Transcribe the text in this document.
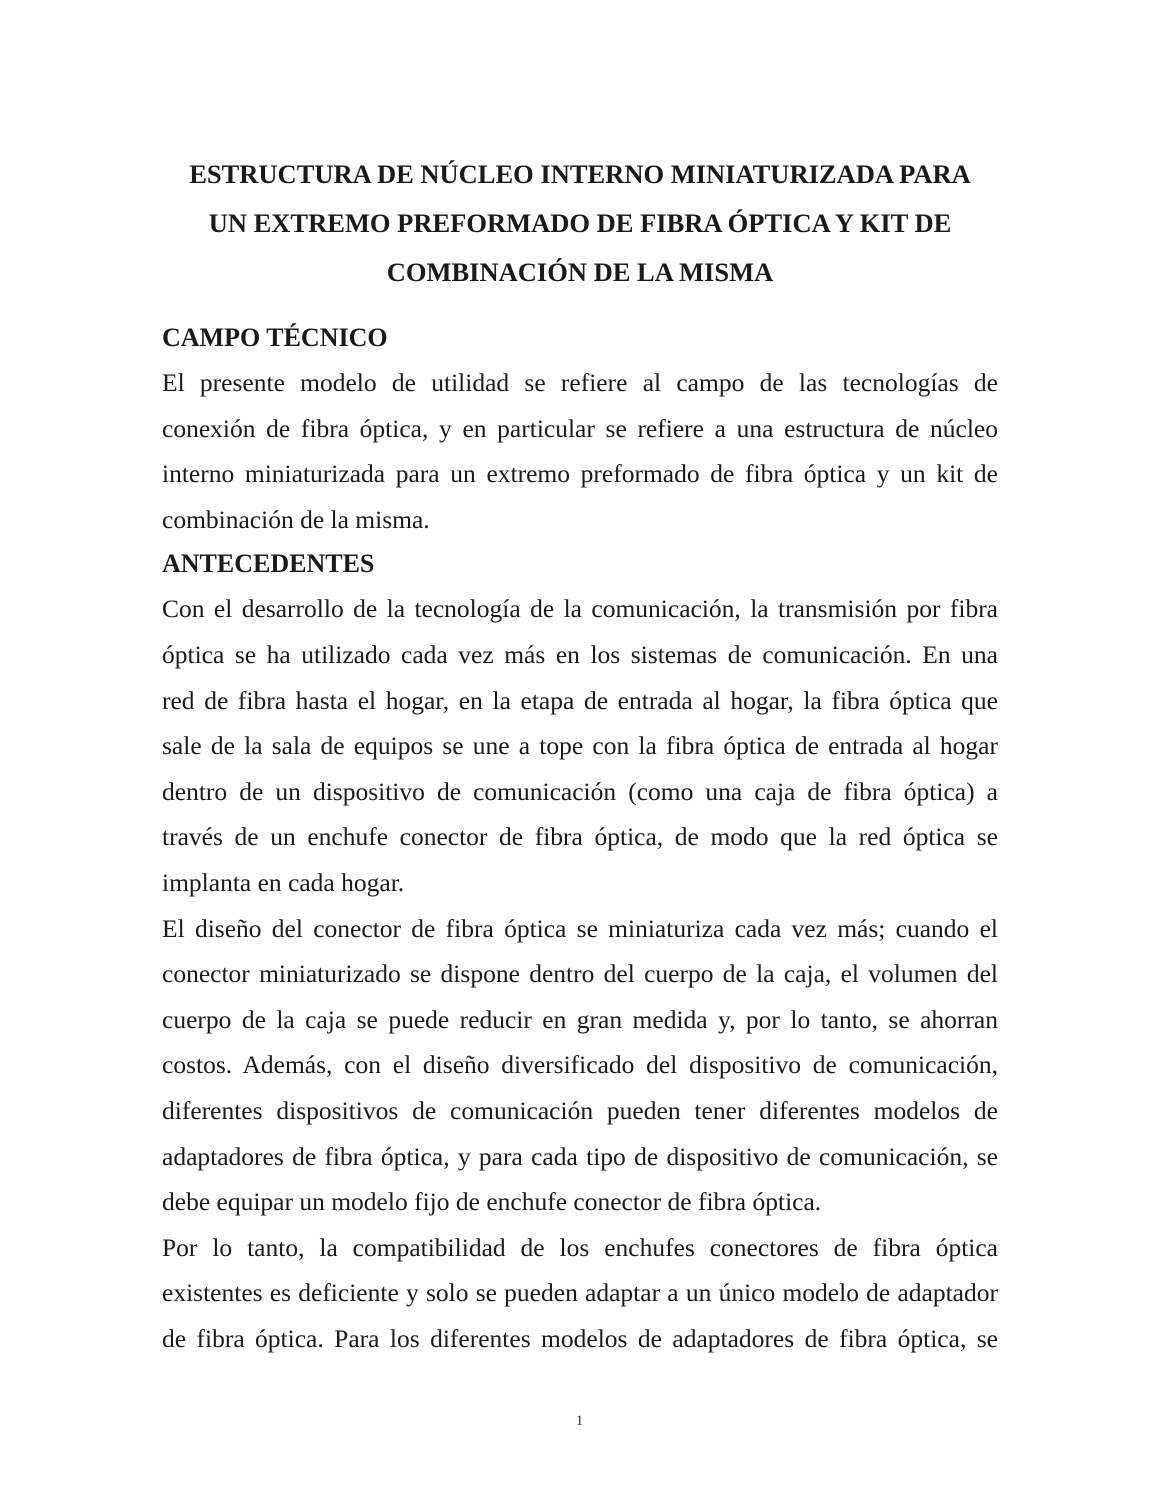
ESTRUCTURA DE NÚCLEO INTERNO MINIATURIZADA PARA
UN EXTREMO PREFORMADO DE FIBRA ÓPTICA Y KIT DE
COMBINACIÓN DE LA MISMA
CAMPO TÉCNICO

El presente modelo de utilidad se refiere al campo de las tecnologías de
conexión de fibra óptica, y en particular se refiere a una estructura de núcleo
interno miniaturizada para un extremo preformado de fibra óptica y un kit de
combinación de la misma.

ANTECEDENTES

Con el desarrollo de la tecnología de la comunicación, la transmisión por fibra
óptica se ha utilizado cada vez más en los sistemas de comunicación. En una
red de fibra hasta el hogar, en la etapa de entrada al hogar, la fibra óptica que
sale de la sala de equipos se une a tope con la fibra óptica de entrada al hogar
dentro de un dispositivo de comunicación (como una caja de fibra óptica) a
través de un enchufe conector de fibra óptica, de modo que la red óptica se
implanta en cada hogar.

El diseño del conector de fibra óptica se miniaturiza cada vez más; cuando el
conector miniaturizado se dispone dentro del cuerpo de la caja, el volumen del
cuerpo de la caja se puede reducir en gran medida y, por lo tanto, se ahorran
costos. Además, con el diseño diversificado del dispositivo de comunicación,
diferentes dispositivos de comunicación pueden tener diferentes modelos de
adaptadores de fibra óptica, y para cada tipo de dispositivo de comunicación, se
debe equipar un modelo fijo de enchufe conector de fibra óptica.

Por lo tanto, la compatibilidad de los enchufes conectores de fibra óptica
existentes es deficiente y solo se pueden adaptar a un único modelo de adaptador
de fibra óptica. Para los diferentes modelos de adaptadores de fibra óptica, se

1
